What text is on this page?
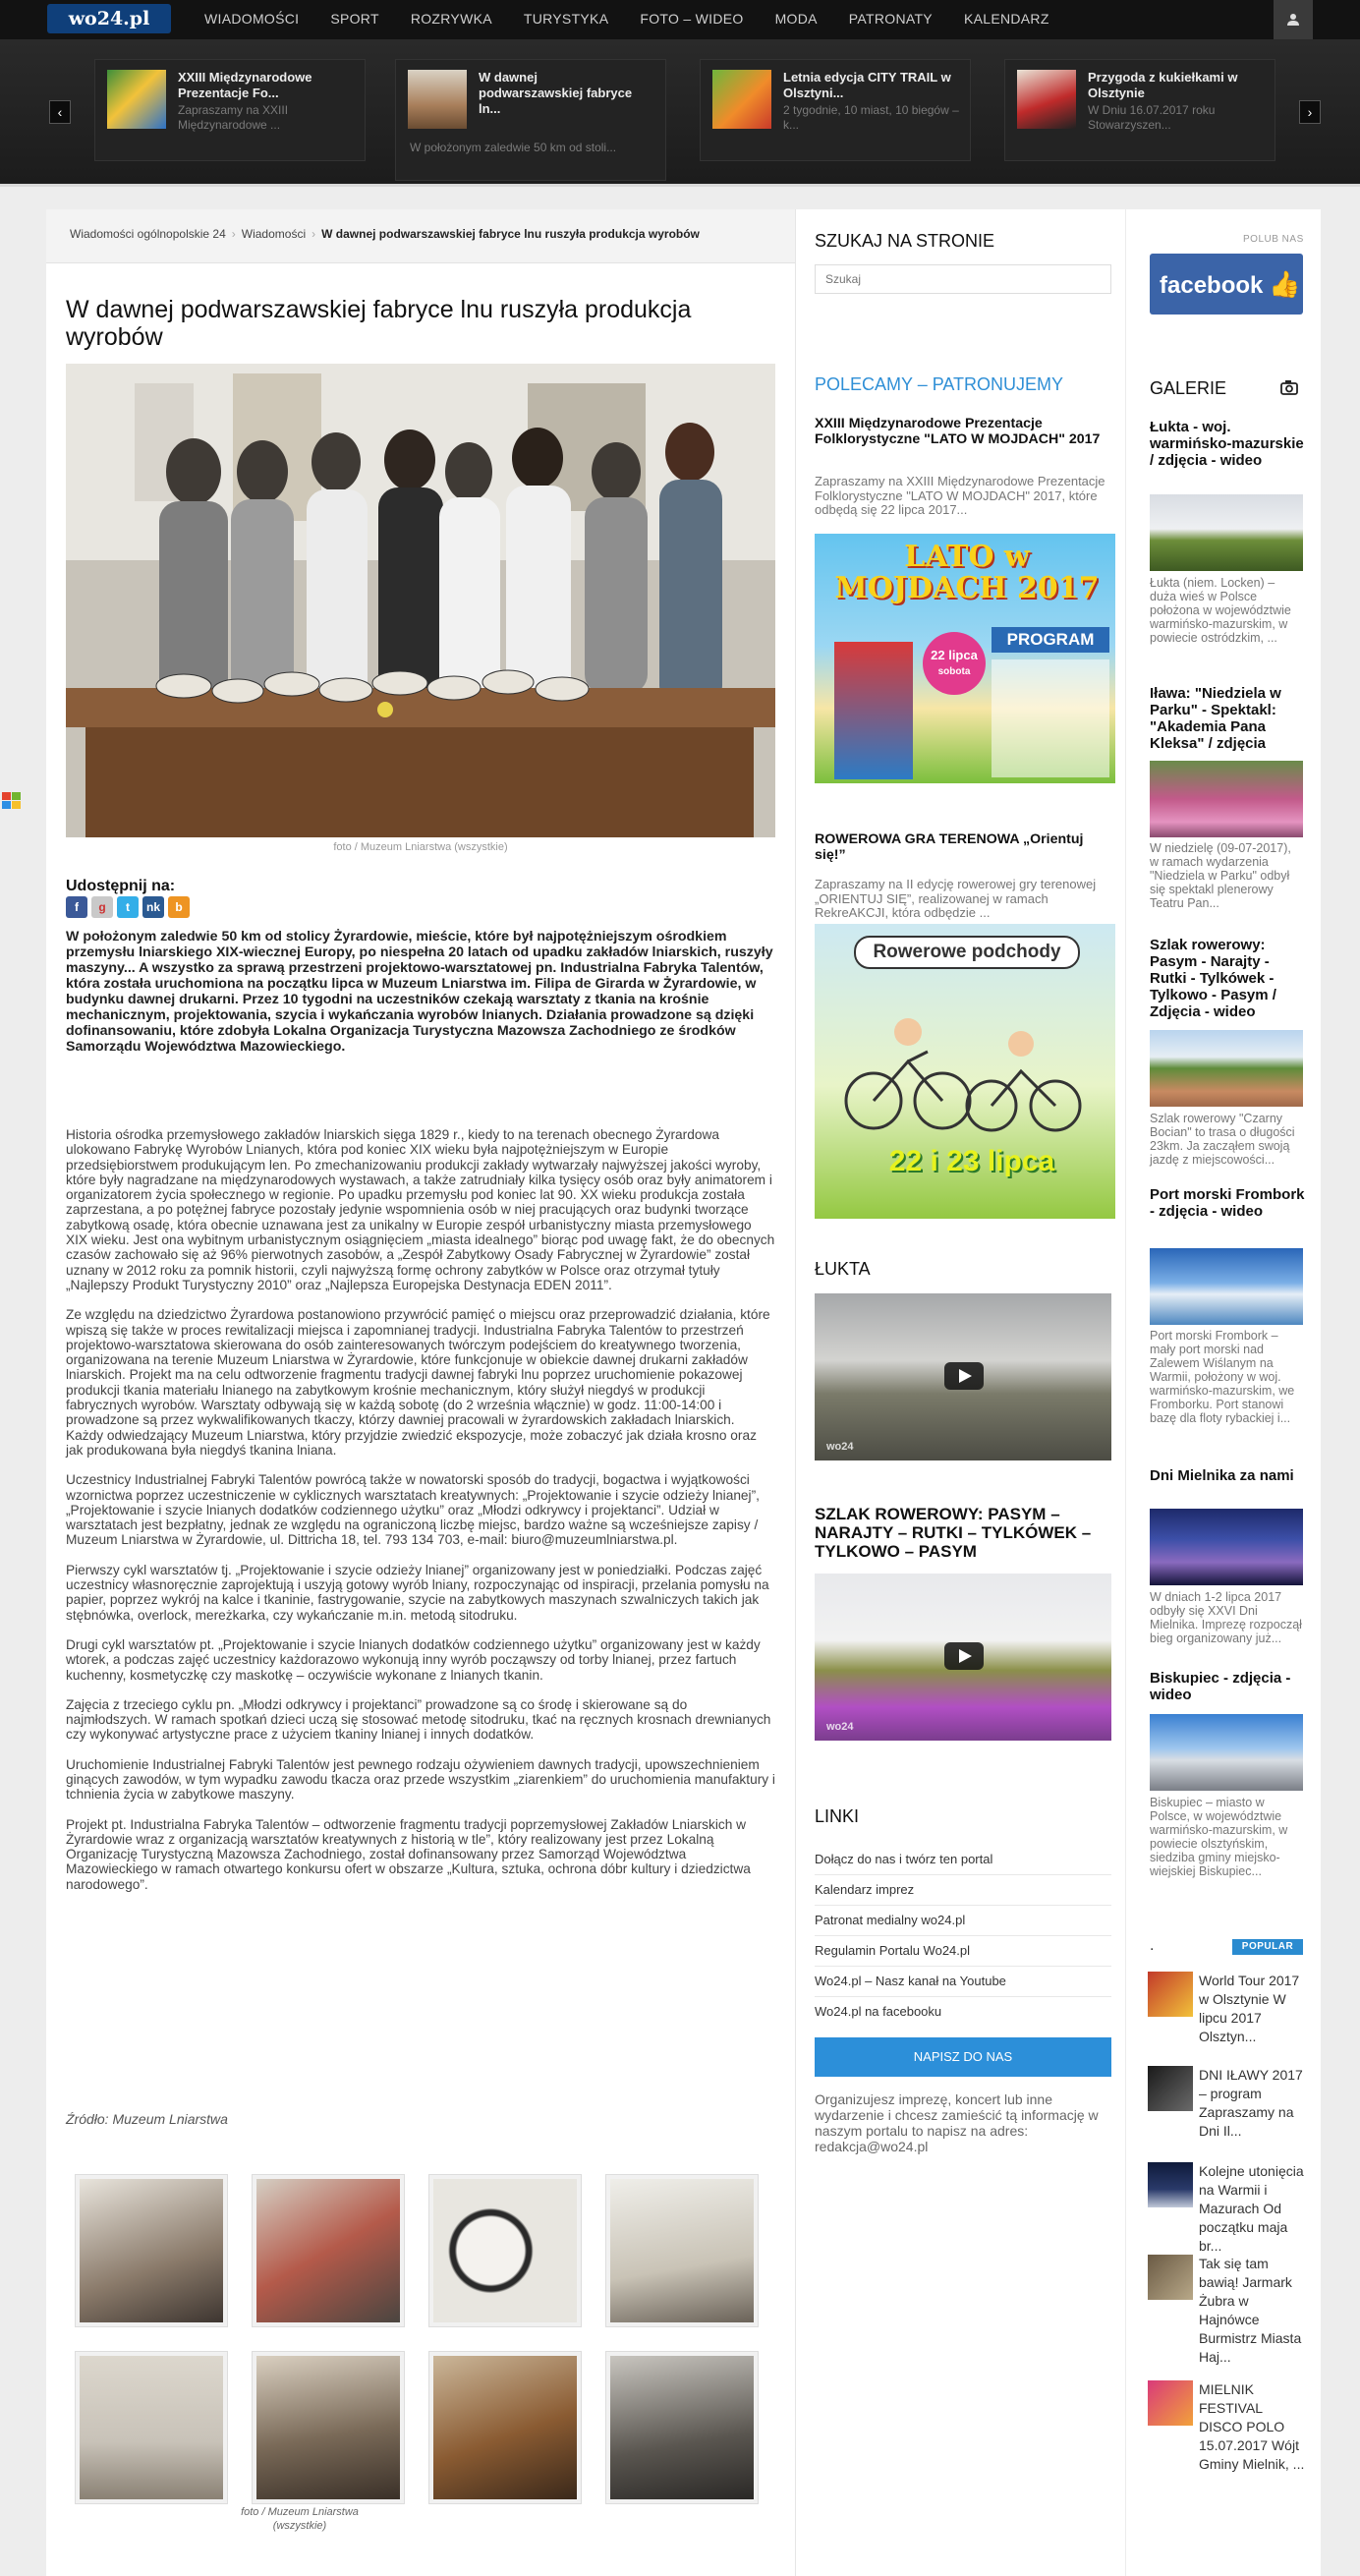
wo24.pl	WIADOMOŚCI SPORT ROZRYWKA TURYSTYKA FOTO – WIDEO MODA PATRONATY KALENDARZ
‹	›
XXIII Międzynarodowe Prezentacje Fo...
Zapraszamy na XXIII Międzynarodowe ...
W dawnej podwarszawskiej fabryce ln...
W położonym zaledwie 50 km od stoli...
Letnia edycja CITY TRAIL w Olsztyni...
2 tygodnie, 10 miast, 10 biegów – k...
Przygoda z kukiełkami w Olsztynie
W Dniu 16.07.2017 roku Stowarzyszen...
Wiadomości ogólnopolskie 24 › Wiadomości › W dawnej podwarszawskiej fabryce lnu ruszyła produkcja wyrobów
W dawnej podwarszawskiej fabryce lnu ruszyła produkcja wyrobów
foto / Muzeum Lniarstwa (wszystkie)
Udostępnij na:
f	g	t	nk	b
W położonym zaledwie 50 km od stolicy Żyrardowie, mieście, które był najpotężniejszym ośrodkiem przemysłu lniarskiego XIX-wiecznej Europy, po niespełna 20 latach od upadku zakładów lniarskich, ruszyły maszyny... A wszystko za sprawą przestrzeni projektowo-warsztatowej pn. Industrialna Fabryka Talentów, która została uruchomiona na początku lipca w Muzeum Lniarstwa im. Filipa de Girarda w Żyrardowie, w budynku dawnej drukarni. Przez 10 tygodni na uczestników czekają warsztaty z tkania na krośnie mechanicznym, projektowania, szycia i wykańczania wyrobów lnianych. Działania prowadzone są dzięki dofinansowaniu, które zdobyła Lokalna Organizacja Turystyczna Mazowsza Zachodniego ze środków Samorządu Województwa Mazowieckiego.

Historia ośrodka przemysłowego zakładów lniarskich sięga 1829 r., kiedy to na terenach obecnego Żyrardowa ulokowano Fabrykę Wyrobów Lnianych, która pod koniec XIX wieku była najpotężniejszym w Europie przedsiębiorstwem produkującym len. Po zmechanizowaniu produkcji zakłady wytwarzały najwyższej jakości wyroby, które były nagradzane na międzynarodowych wystawach, a także zatrudniały kilka tysięcy osób oraz były animatorem i organizatorem życia społecznego w regionie. Po upadku przemysłu pod koniec lat 90. XX wieku produkcja została zaprzestana, a po potężnej fabryce pozostały jedynie wspomnienia osób w niej pracujących oraz budynki tworzące zabytkową osadę, która obecnie uznawana jest za unikalny w Europie zespół urbanistyczny miasta przemysłowego XIX wieku. Jest ona wybitnym urbanistycznym osiągnięciem „miasta idealnego” biorąc pod uwagę fakt, że do obecnych czasów zachowało się aż 96% pierwotnych zasobów, a „Zespół Zabytkowy Osady Fabrycznej w Żyrardowie” został uznany w 2012 roku za pomnik historii, czyli najwyższą formę ochrony zabytków w Polsce oraz otrzymał tytuły „Najlepszy Produkt Turystyczny 2010” oraz „Najlepsza Europejska Destynacja EDEN 2011”.

Ze względu na dziedzictwo Żyrardowa postanowiono przywrócić pamięć o miejscu oraz przeprowadzić działania, które wpiszą się także w proces rewitalizacji miejsca i zapomnianej tradycji. Industrialna Fabryka Talentów to przestrzeń projektowo-warsztatowa skierowana do osób zainteresowanych twórczym podejściem do kreatywnego tworzenia, organizowana na terenie Muzeum Lniarstwa w Żyrardowie, które funkcjonuje w obiekcie dawnej drukarni zakładów lniarskich. Projekt ma na celu odtworzenie fragmentu tradycji dawnej fabryki lnu poprzez uruchomienie pokazowej produkcji tkania materiału lnianego na zabytkowym krośnie mechanicznym, który służył niegdyś w produkcji fabrycznych wyrobów. Warsztaty odbywają się w każdą sobotę (do 2 września włącznie) w godz. 11:00-14:00 i prowadzone są przez wykwalifikowanych tkaczy, którzy dawniej pracowali w żyrardowskich zakładach lniarskich. Każdy odwiedzający Muzeum Lniarstwa, który przyjdzie zwiedzić ekspozycje, może zobaczyć jak działa krosno oraz jak produkowana była niegdyś tkanina lniana.

Uczestnicy Industrialnej Fabryki Talentów powrócą także w nowatorski sposób do tradycji, bogactwa i wyjątkowości wzornictwa poprzez uczestniczenie w cyklicznych warsztatach kreatywnych: „Projektowanie i szycie odzieży lnianej”, „Projektowanie i szycie lnianych dodatków codziennego użytku” oraz „Młodzi odkrywcy i projektanci”. Udział w warsztatach jest bezpłatny, jednak ze względu na ograniczoną liczbę miejsc, bardzo ważne są wcześniejsze zapisy / Muzeum Lniarstwa w Żyrardowie, ul. Dittricha 18, tel. 793 134 703, e-mail: biuro@muzeumlniarstwa.pl.

Pierwszy cykl warsztatów tj. „Projektowanie i szycie odzieży lnianej” organizowany jest w poniedziałki. Podczas zajęć uczestnicy własnoręcznie zaprojektują i uszyją gotowy wyrób lniany, rozpoczynając od inspiracji, przelania pomysłu na papier, poprzez wykrój na kalce i tkaninie, fastrygowanie, szycie na zabytkowych maszynach szwalniczych takich jak stębnówka, overlock, mereżkarka, czy wykańczanie m.in. metodą sitodruku.

Drugi cykl warsztatów pt. „Projektowanie i szycie lnianych dodatków codziennego użytku” organizowany jest w każdy wtorek, a podczas zajęć uczestnicy każdorazowo wykonują inny wyrób począwszy od torby lnianej, przez fartuch kuchenny, kosmetyczkę czy maskotkę – oczywiście wykonane z lnianych tkanin.

Zajęcia z trzeciego cyklu pn. „Młodzi odkrywcy i projektanci” prowadzone są co środę i skierowane są do najmłodszych. W ramach spotkań dzieci uczą się stosować metodę sitodruku, tkać na ręcznych krosnach drewnianych czy wykonywać artystyczne prace z użyciem tkaniny lnianej i innych dodatków.

Uruchomienie Industrialnej Fabryki Talentów jest pewnego rodzaju ożywieniem dawnych tradycji, upowszechnieniem ginących zawodów, w tym wypadku zawodu tkacza oraz przede wszystkim „ziarenkiem” do uruchomienia manufaktury i tchnienia życia w zabytkowe maszyny.

Projekt pt. Industrialna Fabryka Talentów – odtworzenie fragmentu tradycji poprzemysłowej Zakładów Lniarskich w Żyrardowie wraz z organizacją warsztatów kreatywnych z historią w tle”, który realizowany jest przez Lokalną Organizację Turystyczną Mazowsza Zachodniego, został dofinansowany przez Samorząd Województwa Mazowieckiego w ramach otwartego konkursu ofert w obszarze „Kultura, sztuka, ochrona dóbr kultury i dziedzictwa narodowego”.

Źródło: Muzeum Lniarstwa
foto / Muzeum Lniarstwa (wszystkie)
SZUKAJ NA STRONIE
Szukaj
POLECAMY – PATRONUJEMY
XXIII Międzynarodowe Prezentacje Folklorystyczne "LATO W MOJDACH" 2017
Zapraszamy na XXIII Międzynarodowe Prezentacje Folklorystyczne "LATO W MOJDACH" 2017, które odbędą się 22 lipca 2017...
LATO w MOJDACH 2017
22 lipca
sobota
PROGRAM
ROWEROWA GRA TERENOWA „Orientuj się!”
Zapraszamy na II edycję rowerowej gry terenowej „ORIENTUJ SIĘ”, realizowanej w ramach RekreAKCJI, która odbędzie ...
Rowerowe podchody
22 i 23 lipca
ŁUKTA
wo24
SZLAK ROWEROWY: PASYM – NARAJTY – RUTKI – TYLKÓWEK – TYLKOWO – PASYM
wo24
LINKI
Dołącz do nas i twórz ten portal
Kalendarz imprez
Patronat medialny wo24.pl
Regulamin Portalu Wo24.pl
Wo24.pl – Nasz kanał na Youtube
Wo24.pl na facebooku
NAPISZ DO NAS
Organizujesz imprezę, koncert lub inne wydarzenie i chcesz zamieścić tą informację w naszym portalu to napisz na adres: redakcja@wo24.pl
POLUB NAS
facebook 👍
GALERIE
Łukta - woj. warmińsko-mazurskie / zdjęcia - wideo
Łukta (niem. Locken) – duża wieś w Polsce położona w województwie warmińsko-mazurskim, w powiecie ostródzkim, ...
Iława: "Niedziela w Parku" - Spektakl: "Akademia Pana Kleksa" / zdjęcia
W niedzielę (09-07-2017), w ramach wydarzenia "Niedziela w Parku" odbył się spektakl plenerowy Teatru Pan...
Szlak rowerowy: Pasym - Narajty - Rutki - Tylkówek - Tylkowo - Pasym / Zdjęcia - wideo
Szlak rowerowy "Czarny Bocian" to trasa o długości 23km. Ja zacząłem swoją jazdę z miejscowości...
Port morski Frombork - zdjęcia - wideo
Port morski Frombork – mały port morski nad Zalewem Wiślanym na Warmii, położony w woj. warmińsko-mazurskim, we Fromborku. Port stanowi bazę dla floty rybackiej i...
Dni Mielnika za nami
W dniach 1-2 lipca 2017 odbyły się XXVI Dni Mielnika. Imprezę rozpoczął bieg organizowany już...
Biskupiec - zdjęcia - wideo
Biskupiec – miasto w Polsce, w województwie warmińsko-mazurskim, w powiecie olsztyńskim, siedziba gminy miejsko-wiejskiej Biskupiec...
.	POPULAR
World Tour 2017 w Olsztynie W lipcu 2017 Olsztyn...
DNI IŁAWY 2017 – program Zapraszamy na Dni Il...
Kolejne utonięcia na Warmii i Mazurach Od początku maja br...
Tak się tam bawią! Jarmark Żubra w Hajnówce Burmistrz Miasta Haj...
MIELNIK FESTIVAL DISCO POLO 15.07.2017 Wójt Gminy Mielnik, ...
